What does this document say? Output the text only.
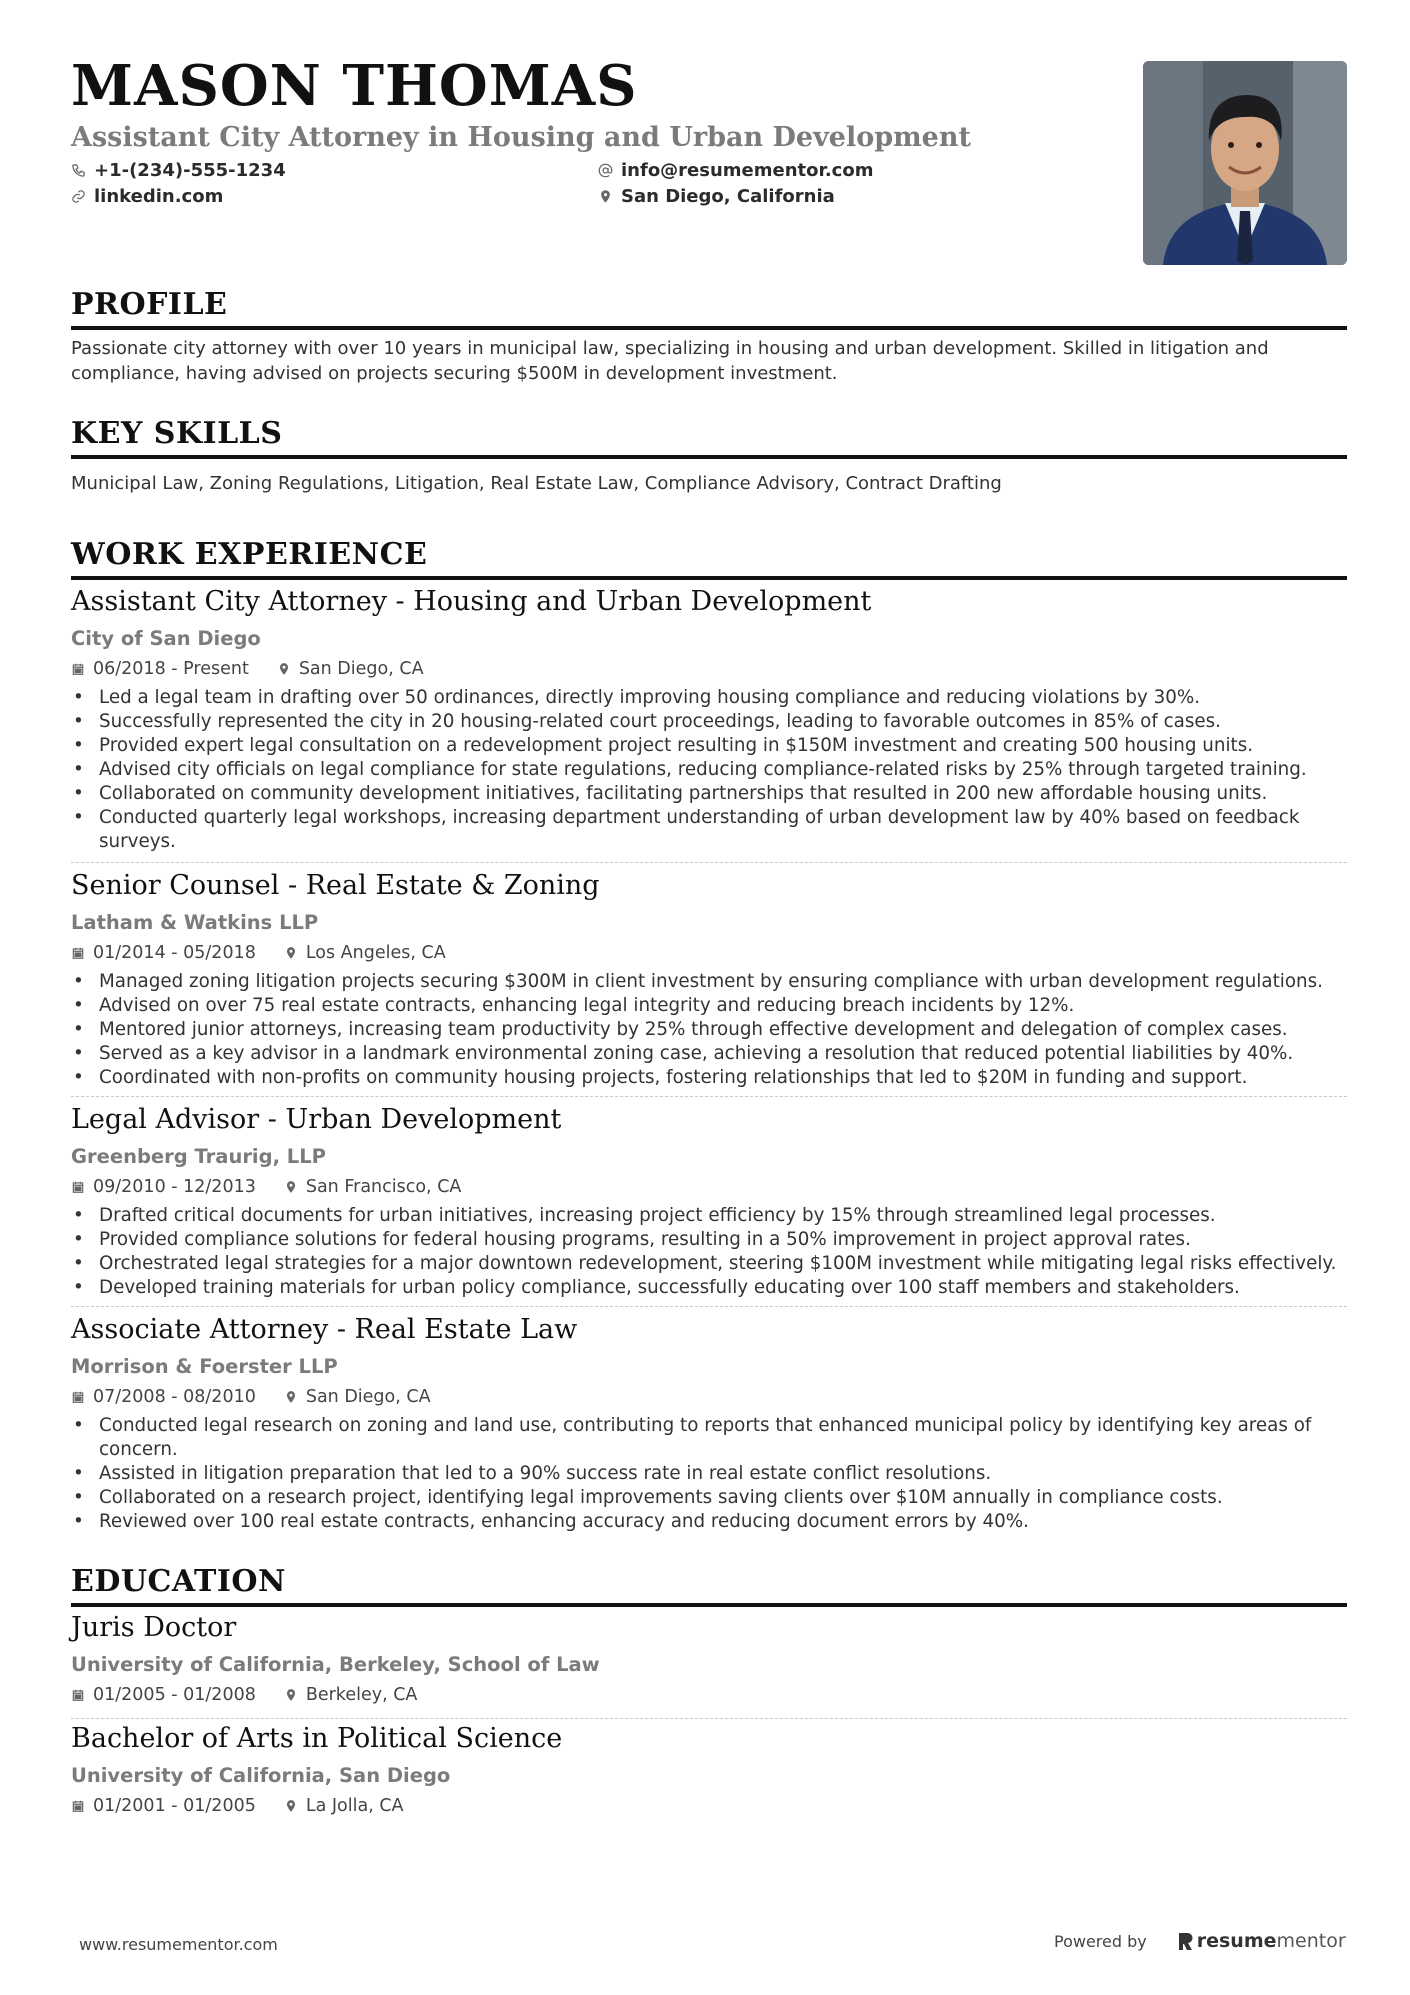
MASON THOMAS
Assistant City Attorney in Housing and Urban Development
+1-(234)-555-1234	info@resumementor.com
linkedin.com	San Diego, California
PROFILE
Passionate city attorney with over 10 years in municipal law, specializing in housing and urban development. Skilled in litigation and compliance, having advised on projects securing $500M in development investment.
KEY SKILLS
Municipal Law, Zoning Regulations, Litigation, Real Estate Law, Compliance Advisory, Contract Drafting
WORK EXPERIENCE
Assistant City Attorney - Housing and Urban Development
City of San Diego
06/2018 - Present	San Diego, CA
• Led a legal team in drafting over 50 ordinances, directly improving housing compliance and reducing violations by 30%.
• Successfully represented the city in 20 housing-related court proceedings, leading to favorable outcomes in 85% of cases.
• Provided expert legal consultation on a redevelopment project resulting in $150M investment and creating 500 housing units.
• Advised city officials on legal compliance for state regulations, reducing compliance-related risks by 25% through targeted training.
• Collaborated on community development initiatives, facilitating partnerships that resulted in 200 new affordable housing units.
• Conducted quarterly legal workshops, increasing department understanding of urban development law by 40% based on feedback surveys.
Senior Counsel - Real Estate & Zoning
Latham & Watkins LLP
01/2014 - 05/2018	Los Angeles, CA
• Managed zoning litigation projects securing $300M in client investment by ensuring compliance with urban development regulations.
• Advised on over 75 real estate contracts, enhancing legal integrity and reducing breach incidents by 12%.
• Mentored junior attorneys, increasing team productivity by 25% through effective development and delegation of complex cases.
• Served as a key advisor in a landmark environmental zoning case, achieving a resolution that reduced potential liabilities by 40%.
• Coordinated with non-profits on community housing projects, fostering relationships that led to $20M in funding and support.
Legal Advisor - Urban Development
Greenberg Traurig, LLP
09/2010 - 12/2013	San Francisco, CA
• Drafted critical documents for urban initiatives, increasing project efficiency by 15% through streamlined legal processes.
• Provided compliance solutions for federal housing programs, resulting in a 50% improvement in project approval rates.
• Orchestrated legal strategies for a major downtown redevelopment, steering $100M investment while mitigating legal risks effectively.
• Developed training materials for urban policy compliance, successfully educating over 100 staff members and stakeholders.
Associate Attorney - Real Estate Law
Morrison & Foerster LLP
07/2008 - 08/2010	San Diego, CA
• Conducted legal research on zoning and land use, contributing to reports that enhanced municipal policy by identifying key areas of concern.
• Assisted in litigation preparation that led to a 90% success rate in real estate conflict resolutions.
• Collaborated on a research project, identifying legal improvements saving clients over $10M annually in compliance costs.
• Reviewed over 100 real estate contracts, enhancing accuracy and reducing document errors by 40%.
EDUCATION
Juris Doctor
University of California, Berkeley, School of Law
01/2005 - 01/2008	Berkeley, CA
Bachelor of Arts in Political Science
University of California, San Diego
01/2001 - 01/2005	La Jolla, CA
www.resumementor.com	Powered by	resume mentor
